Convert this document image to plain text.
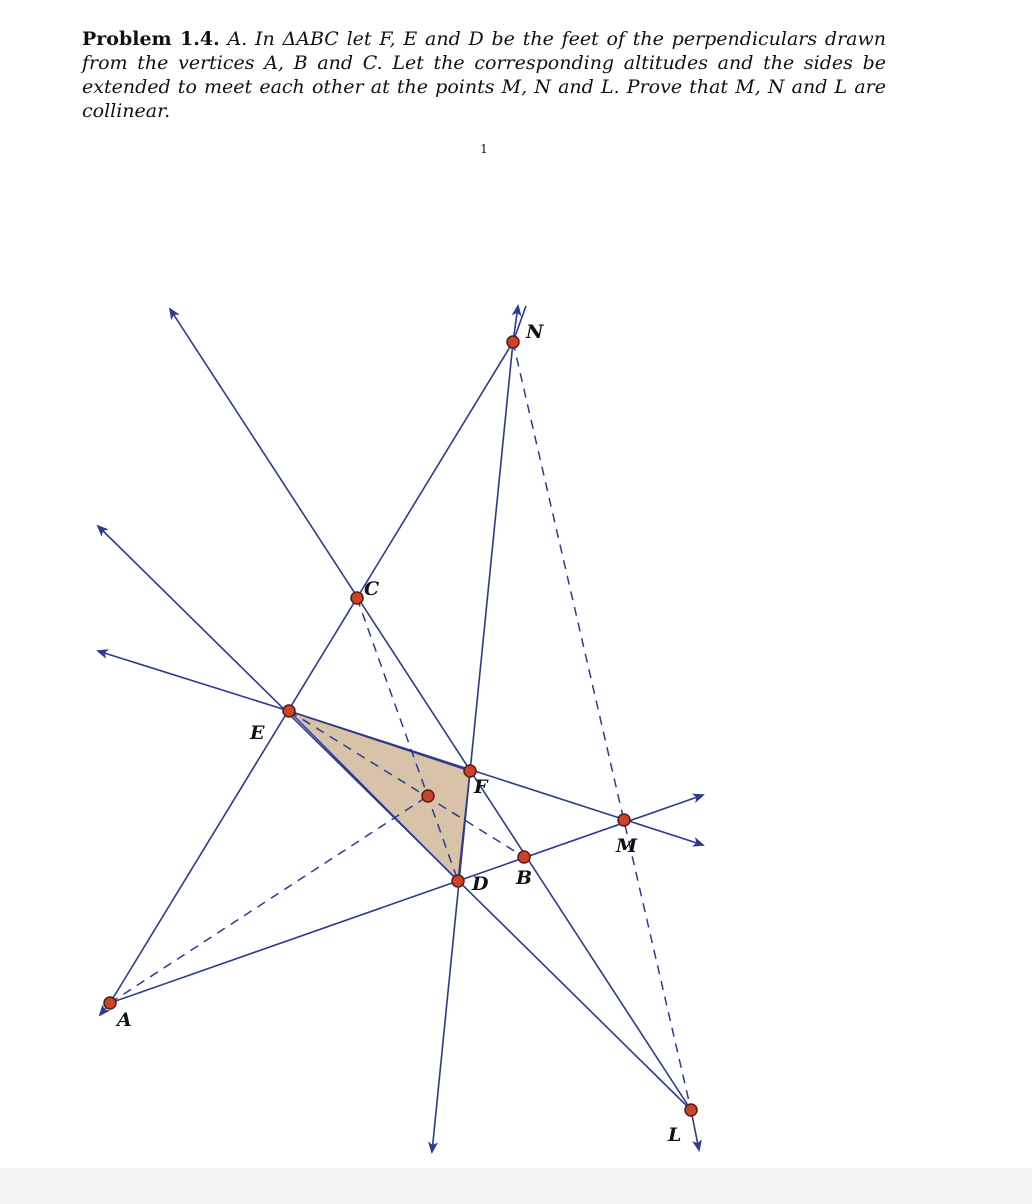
Problem 1.4. A. In ΔABC let F, E and D be the feet of the perpendiculars drawn from the vertices A, B and C. Let the corresponding altitudes and the sides be extended to meet each other at the points M, N and L. Prove that M, N and L are collinear.
1
A
B
C
D
E
F
L
M
N
